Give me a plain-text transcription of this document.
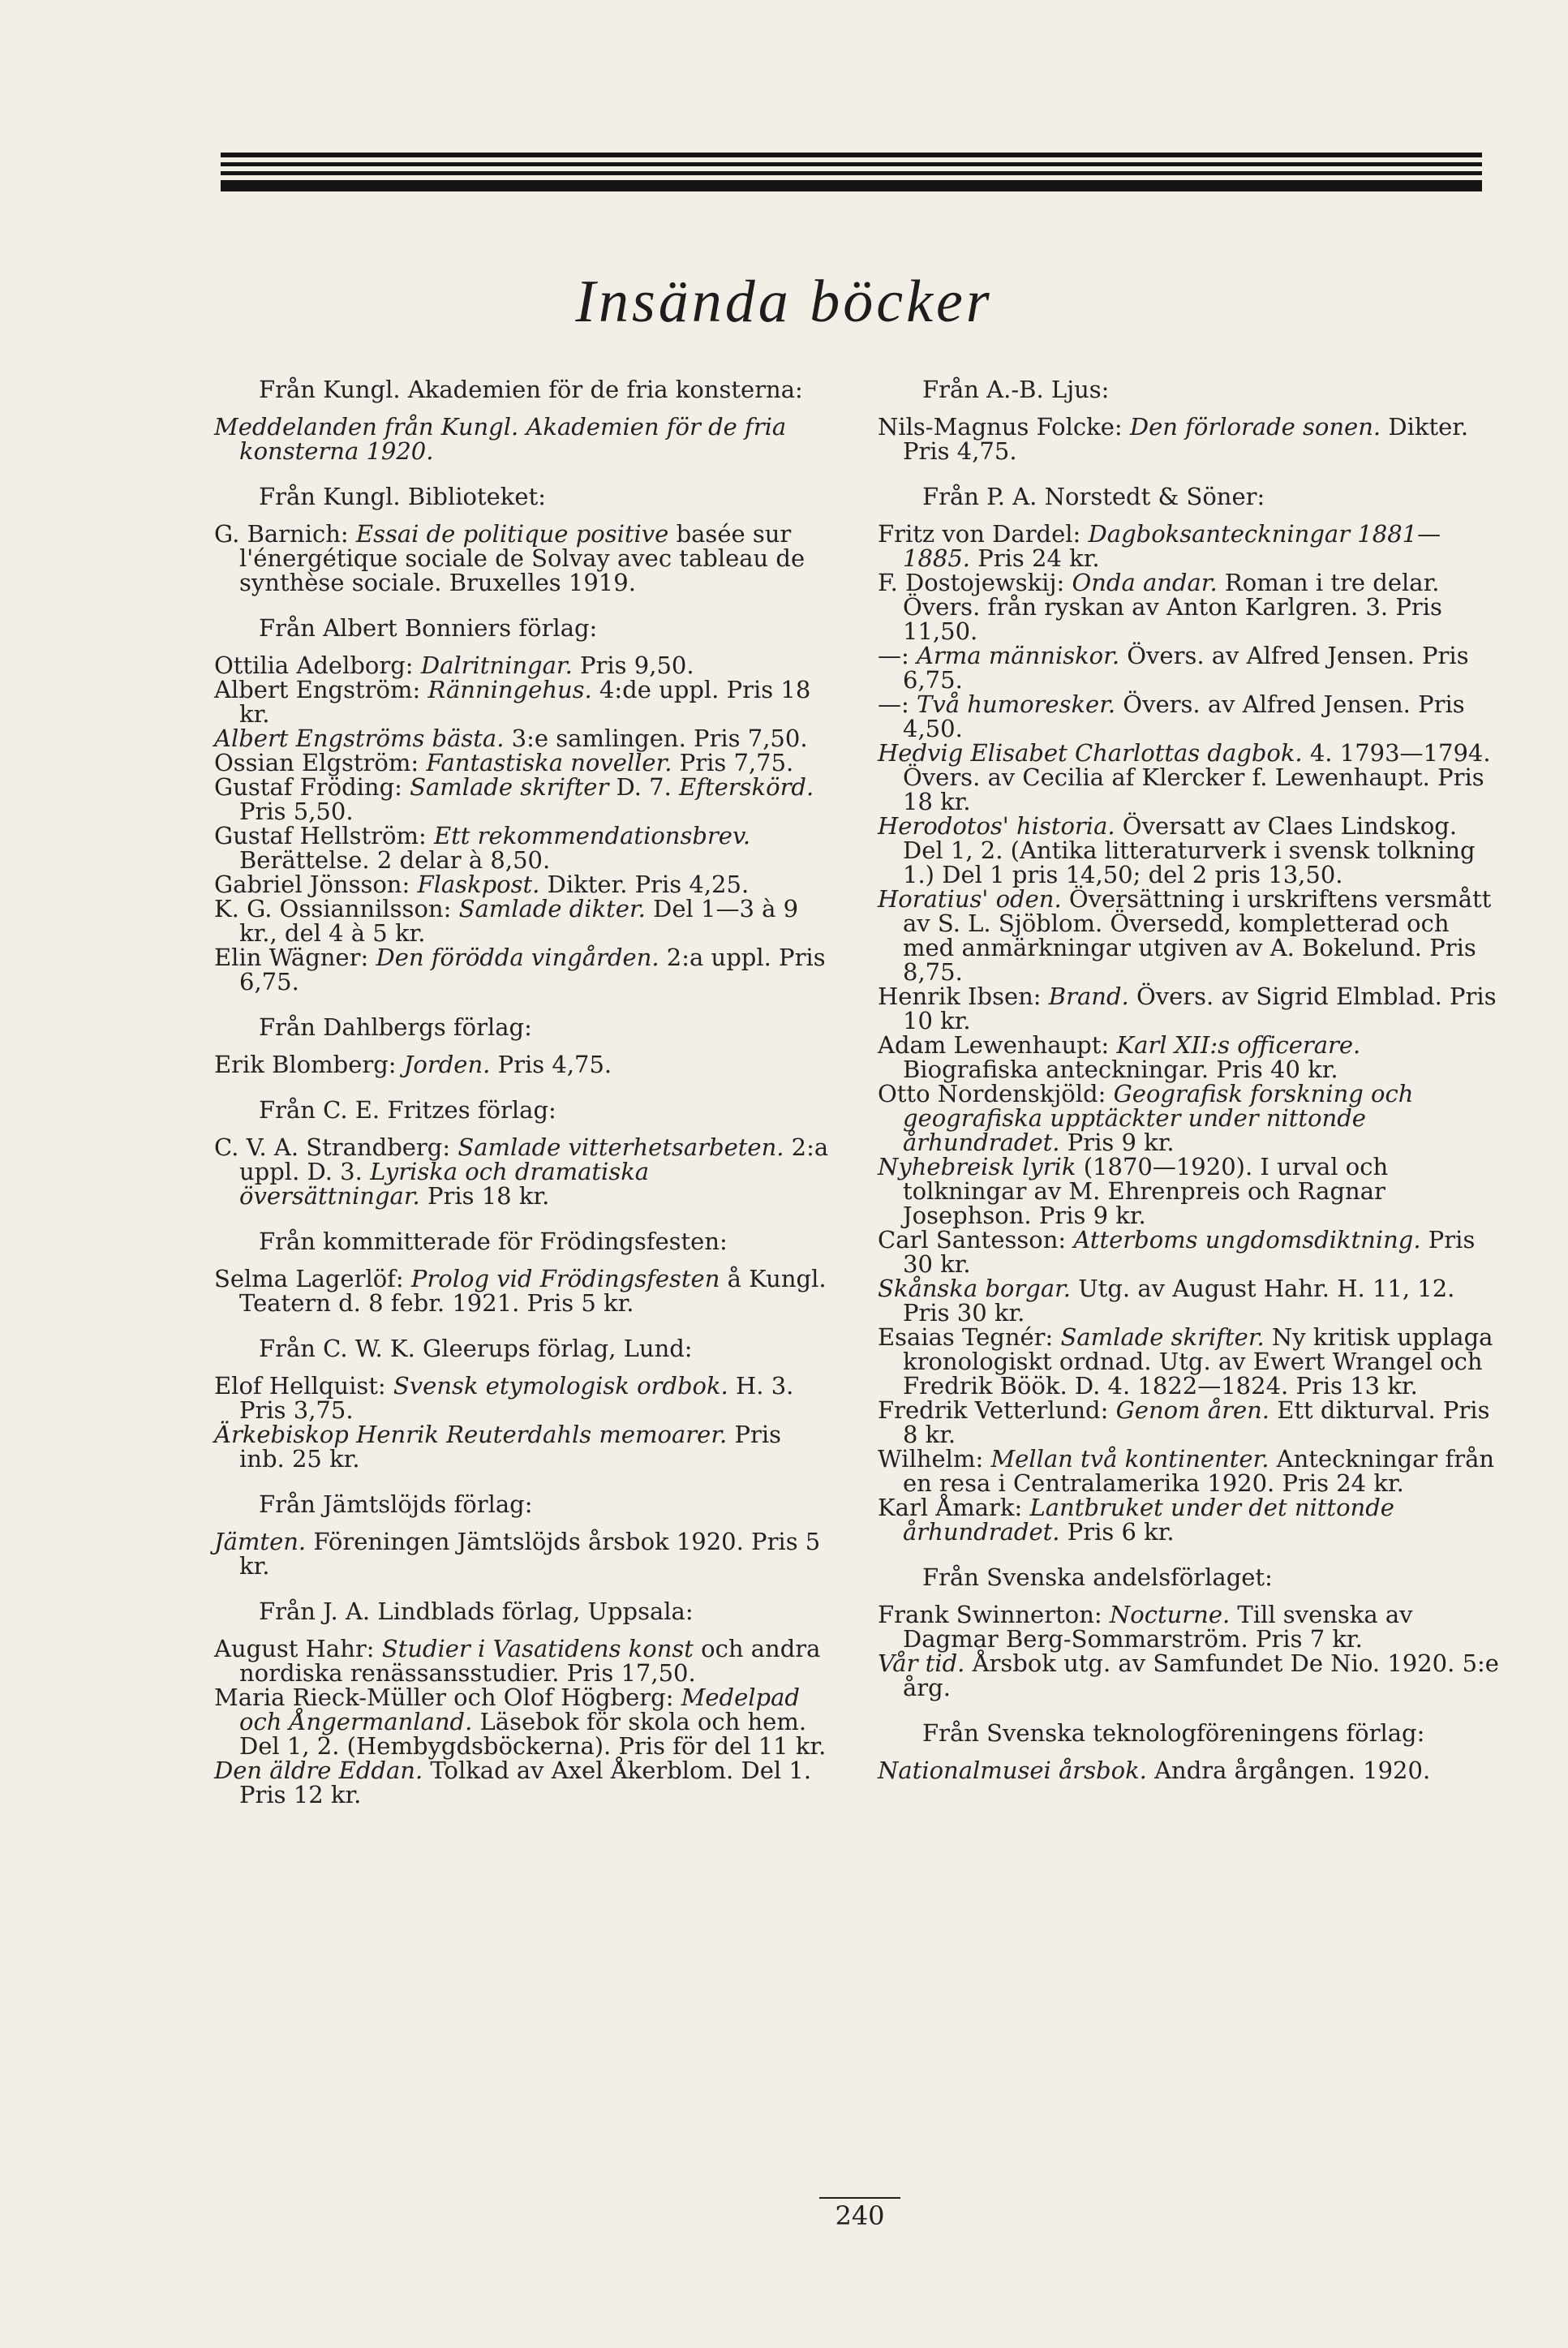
Insända böcker
Från Kungl. Akademien för de fria konsterna:

Meddelanden från Kungl. Akademien för de fria konsterna 1920.

Från Kungl. Biblioteket:

G. Barnich: Essai de politique positive basée sur l'énergétique sociale de Solvay avec tableau de synthèse sociale. Bruxelles 1919.

Från Albert Bonniers förlag:

Ottilia Adelborg: Dalritningar. Pris 9,50.

Albert Engström: Ränningehus. 4:de uppl. Pris 18 kr.

Albert Engströms bästa. 3:e samlingen. Pris 7,50.

Ossian Elgström: Fantastiska noveller. Pris 7,75.

Gustaf Fröding: Samlade skrifter D. 7. Efterskörd. Pris 5,50.

Gustaf Hellström: Ett rekommendationsbrev. Berättelse. 2 delar à 8,50.

Gabriel Jönsson: Flaskpost. Dikter. Pris 4,25.

K. G. Ossiannilsson: Samlade dikter. Del 1—3 à 9 kr., del 4 à 5 kr.

Elin Wägner: Den förödda vingården. 2:a uppl. Pris 6,75.

Från Dahlbergs förlag:

Erik Blomberg: Jorden. Pris 4,75.

Från C. E. Fritzes förlag:

C. V. A. Strandberg: Samlade vitterhetsarbeten. 2:a uppl. D. 3. Lyriska och dramatiska översättningar. Pris 18 kr.

Från kommitterade för Frödingsfesten:

Selma Lagerlöf: Prolog vid Frödingsfesten å Kungl. Teatern d. 8 febr. 1921. Pris 5 kr.

Från C. W. K. Gleerups förlag, Lund:

Elof Hellquist: Svensk etymologisk ordbok. H. 3. Pris 3,75.

Ärkebiskop Henrik Reuterdahls memoarer. Pris inb. 25 kr.

Från Jämtslöjds förlag:

Jämten. Föreningen Jämtslöjds årsbok 1920. Pris 5 kr.

Från J. A. Lindblads förlag, Uppsala:

August Hahr: Studier i Vasatidens konst och andra nordiska renässansstudier. Pris 17,50.

Maria Rieck-Müller och Olof Högberg: Medelpad och Ångermanland. Läsebok för skola och hem. Del 1, 2. (Hembygdsböckerna). Pris för del 11 kr.

Den äldre Eddan. Tolkad av Axel Åkerblom. Del 1. Pris 12 kr.

Från A.-B. Ljus:

Nils-Magnus Folcke: Den förlorade sonen. Dikter. Pris 4,75.

Från P. A. Norstedt & Söner:

Fritz von Dardel: Dagboksanteckningar 1881—1885. Pris 24 kr.

F. Dostojewskij: Onda andar. Roman i tre delar. Övers. från ryskan av Anton Karlgren. 3. Pris 11,50.

—: Arma människor. Övers. av Alfred Jensen. Pris 6,75.

—: Två humoresker. Övers. av Alfred Jensen. Pris 4,50.

Hedvig Elisabet Charlottas dagbok. 4. 1793—1794. Övers. av Cecilia af Klercker f. Lewenhaupt. Pris 18 kr.

Herodotos' historia. Översatt av Claes Lindskog. Del 1, 2. (Antika litteraturverk i svensk tolkning 1.) Del 1 pris 14,50; del 2 pris 13,50.

Horatius' oden. Översättning i urskriftens versmått av S. L. Sjöblom. Översedd, kompletterad och med anmärkningar utgiven av A. Bokelund. Pris 8,75.

Henrik Ibsen: Brand. Övers. av Sigrid Elmblad. Pris 10 kr.

Adam Lewenhaupt: Karl XII:s officerare. Biografiska anteckningar. Pris 40 kr.

Otto Nordenskjöld: Geografisk forskning och geografiska upptäckter under nittonde århundradet. Pris 9 kr.

Nyhebreisk lyrik (1870—1920). I urval och tolkningar av M. Ehrenpreis och Ragnar Josephson. Pris 9 kr.

Carl Santesson: Atterboms ungdomsdiktning. Pris 30 kr.

Skånska borgar. Utg. av August Hahr. H. 11, 12. Pris 30 kr.

Esaias Tegnér: Samlade skrifter. Ny kritisk upplaga kronologiskt ordnad. Utg. av Ewert Wrangel och Fredrik Böök. D. 4. 1822—1824. Pris 13 kr.

Fredrik Vetterlund: Genom åren. Ett dikturval. Pris 8 kr.

Wilhelm: Mellan två kontinenter. Anteckningar från en resa i Centralamerika 1920. Pris 24 kr.

Karl Åmark: Lantbruket under det nittonde århundradet. Pris 6 kr.

Från Svenska andelsförlaget:

Frank Swinnerton: Nocturne. Till svenska av Dagmar Berg-Sommarström. Pris 7 kr.

Vår tid. Årsbok utg. av Samfundet De Nio. 1920. 5:e årg.

Från Svenska teknologföreningens förlag:

Nationalmusei årsbok. Andra årgången. 1920.

240
